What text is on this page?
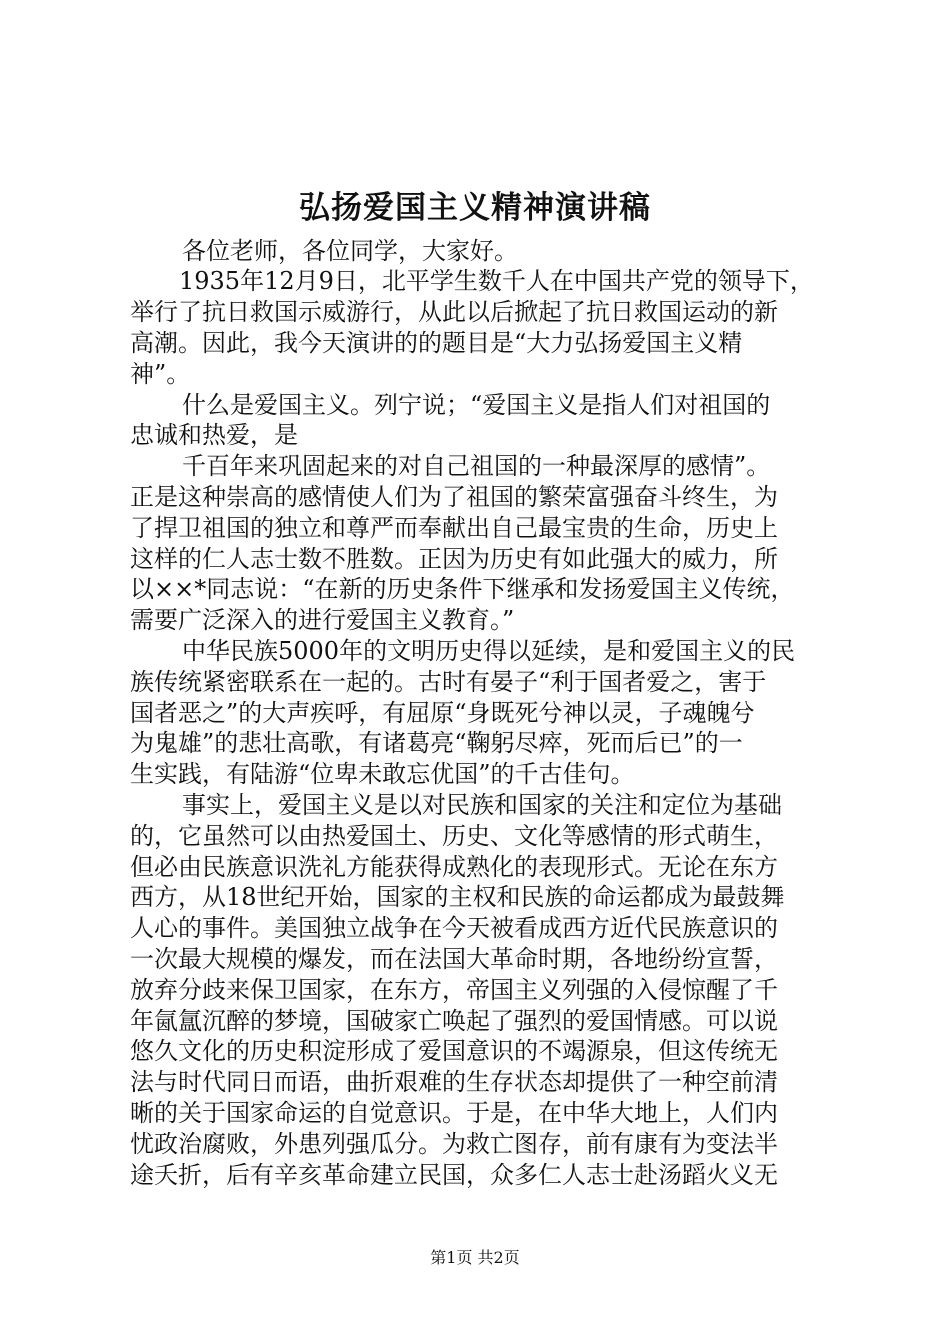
弘扬爱国主义精神演讲稿
各位老师，各位同学，大家好。
1935年12月9日，北平学生数千人在中国共产党的领导下，
举行了抗日救国示威游行，从此以后掀起了抗日救国运动的新
高潮。因此，我今天演讲的的题目是“大力弘扬爱国主义精
神”。
什么是爱国主义。列宁说；“爱国主义是指人们对祖国的
忠诚和热爱，是
千百年来巩固起来的对自己祖国的一种最深厚的感情”。
正是这种崇高的感情使人们为了祖国的繁荣富强奋斗终生，为
了捍卫祖国的独立和尊严而奉献出自己最宝贵的生命，历史上
这样的仁人志士数不胜数。正因为历史有如此强大的威力，所
以××*同志说：“在新的历史条件下继承和发扬爱国主义传统，
需要广泛深入的进行爱国主义教育。”
中华民族5000年的文明历史得以延续，是和爱国主义的民
族传统紧密联系在一起的。古时有晏子“利于国者爱之，害于
国者恶之”的大声疾呼，有屈原“身既死兮神以灵，子魂魄兮
为鬼雄”的悲壮高歌，有诸葛亮“鞠躬尽瘁，死而后已”的一
生实践，有陆游“位卑未敢忘优国”的千古佳句。
事实上，爱国主义是以对民族和国家的关注和定位为基础
的，它虽然可以由热爱国土、历史、文化等感情的形式萌生，
但必由民族意识洗礼方能获得成熟化的表现形式。无论在东方
西方，从18世纪开始，国家的主权和民族的命运都成为最鼓舞
人心的事件。美国独立战争在今天被看成西方近代民族意识的
一次最大规模的爆发，而在法国大革命时期，各地纷纷宣誓，
放弃分歧来保卫国家，在东方，帝国主义列强的入侵惊醒了千
年氤氲沉醉的梦境，国破家亡唤起了强烈的爱国情感。可以说
悠久文化的历史积淀形成了爱国意识的不竭源泉，但这传统无
法与时代同日而语，曲折艰难的生存状态却提供了一种空前清
晰的关于国家命运的自觉意识。于是，在中华大地上，人们内
忧政治腐败，外患列强瓜分。为救亡图存，前有康有为变法半
途夭折，后有辛亥革命建立民国，众多仁人志士赴汤蹈火义无
第1页 共2页
